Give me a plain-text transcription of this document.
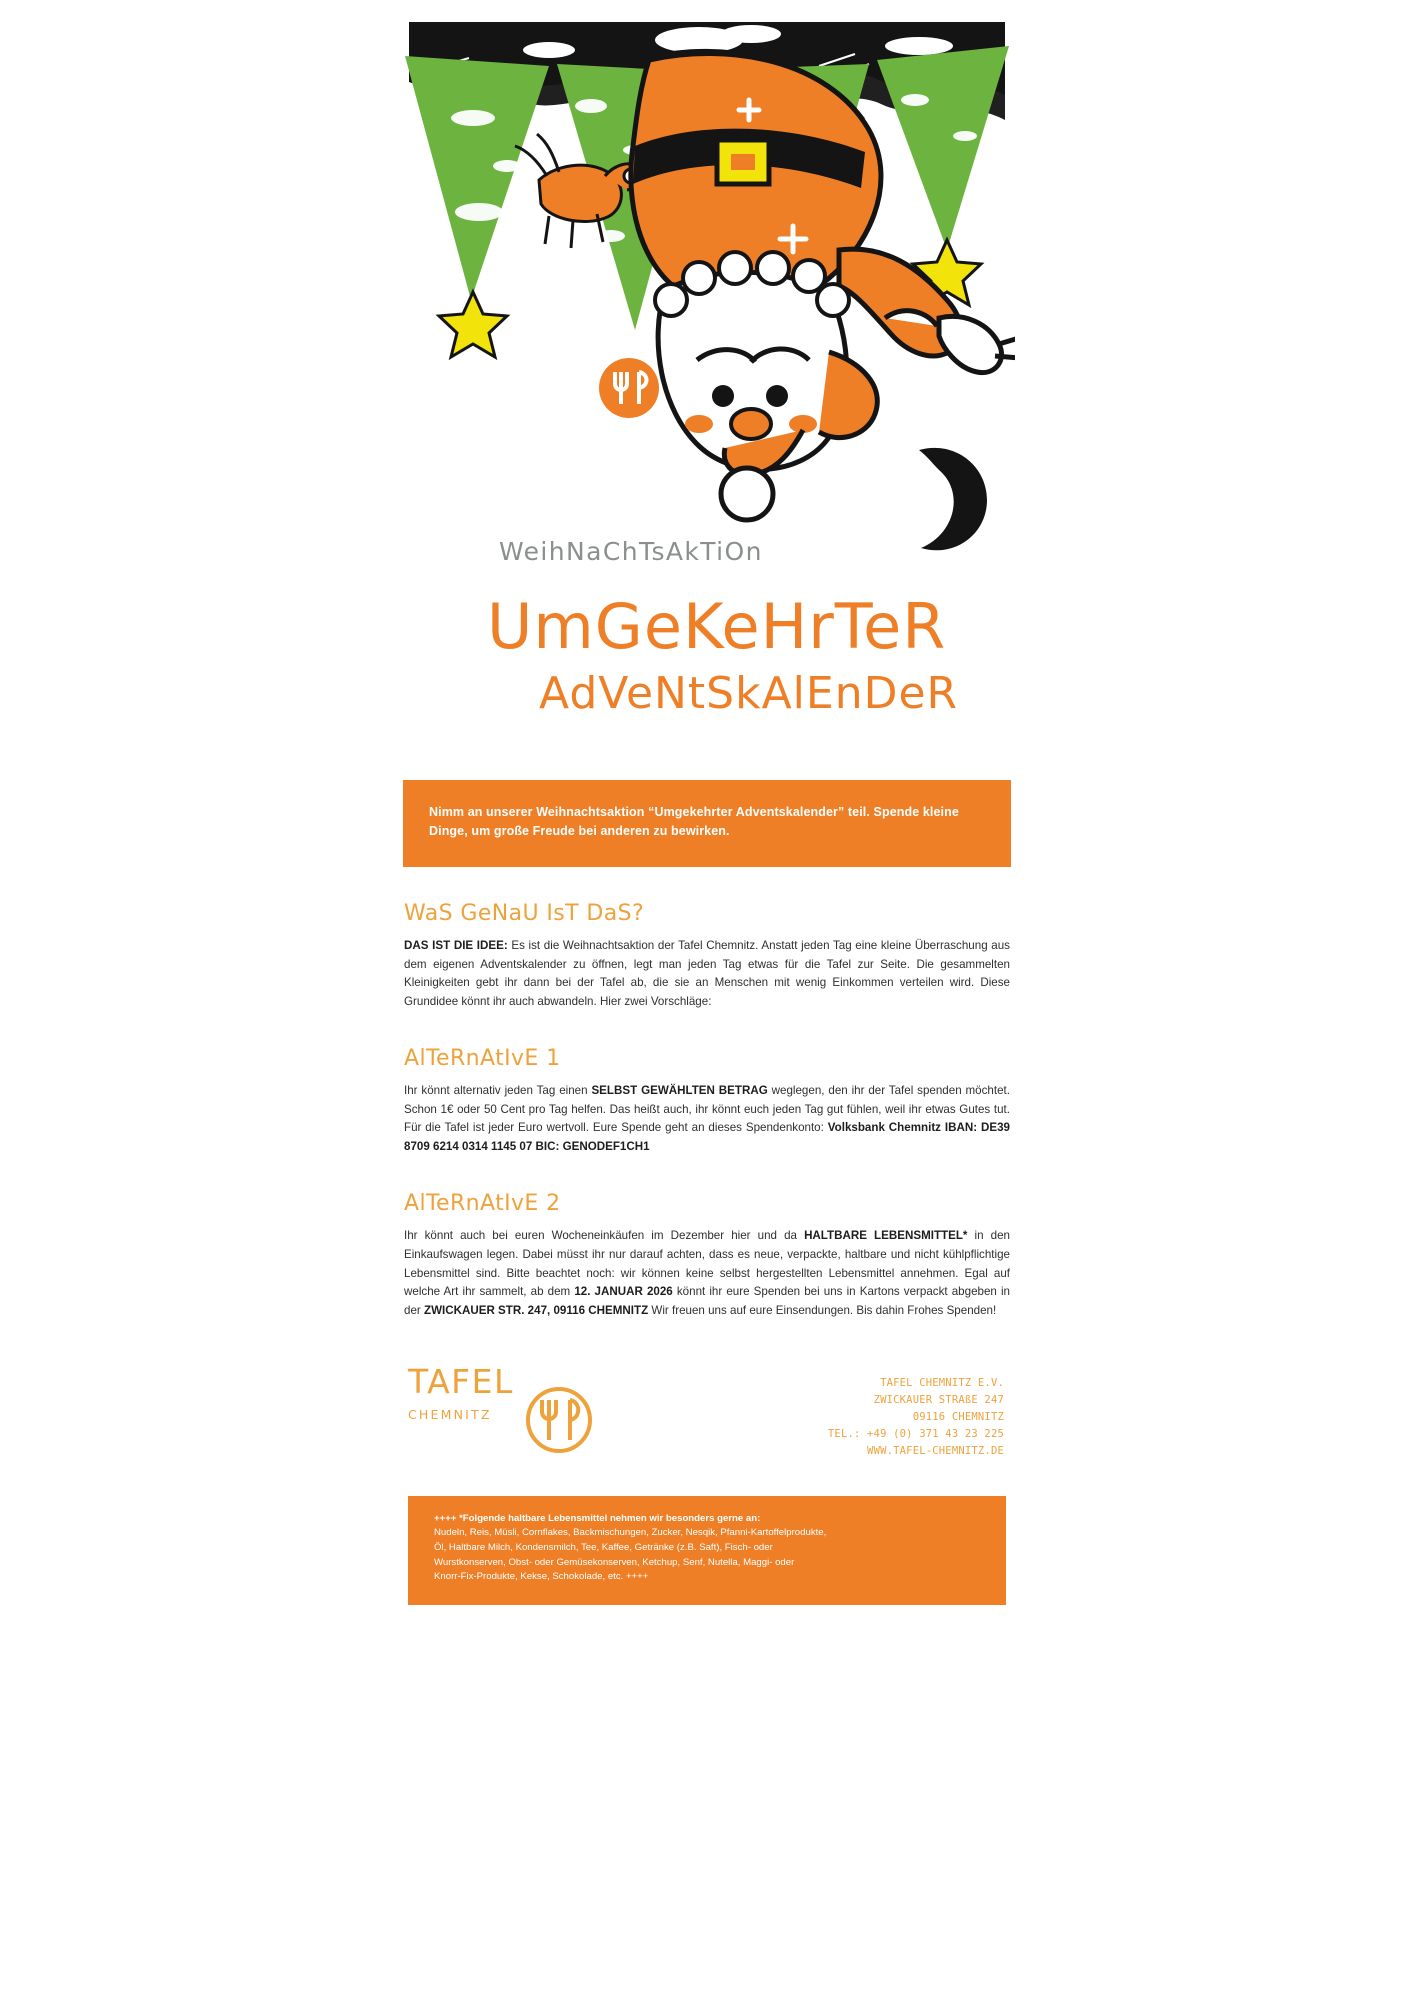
WeihNaChTsAkTiOn
UmGeKeHrTeR
AdVeNtSkAlEnDeR
Nimm an unserer Weihnachtsaktion “Umgekehrter Adventskalender” teil. Spende kleine Dinge, um große Freude bei anderen zu bewirken.
WaS GeNaU IsT DaS?

DAS IST DIE IDEE: Es ist die Weihnachtsaktion der Tafel Chemnitz. Anstatt jeden Tag eine kleine Überraschung aus dem eigenen Adventskalender zu öffnen, legt man jeden Tag etwas für die Tafel zur Seite. Die gesammelten Kleinigkeiten gebt ihr dann bei der Tafel ab, die sie an Menschen mit wenig Einkommen verteilen wird. Diese Grundidee könnt ihr auch abwandeln. Hier zwei Vorschläge:

AlTeRnAtIvE 1

Ihr könnt alternativ jeden Tag einen SELBST GEWÄHLTEN BETRAG weglegen, den ihr der Tafel spenden möchtet. Schon 1€ oder 50 Cent pro Tag helfen. Das heißt auch, ihr könnt euch jeden Tag gut fühlen, weil ihr etwas Gutes tut. Für die Tafel ist jeder Euro wertvoll. Eure Spende geht an dieses Spendenkonto: Volksbank Chemnitz IBAN: DE39 8709 6214 0314 1145 07 BIC: GENODEF1CH1

AlTeRnAtIvE 2

Ihr könnt auch bei euren Wocheneinkäufen im Dezember hier und da HALTBARE LEBENSMITTEL* in den Einkaufswagen legen. Dabei müsst ihr nur darauf achten, dass es neue, verpackte, haltbare und nicht kühlpflichtige Lebensmittel sind. Bitte beachtet noch: wir können keine selbst hergestellten Lebensmittel annehmen. Egal auf welche Art ihr sammelt, ab dem 12. JANUAR 2026 könnt ihr eure Spenden bei uns in Kartons verpackt abgeben in der ZWICKAUER STR. 247, 09116 CHEMNITZ Wir freuen uns auf eure Einsendungen. Bis dahin Frohes Spenden!

TAFEL
CHEMNITZ
TAFEL CHEMNITZ E.V.
ZWICKAUER STRAßE 247
09116 CHEMNITZ
TEL.: +49 (0) 371 43 23 225
WWW.TAFEL-CHEMNITZ.DE

++++ *Folgende haltbare Lebensmittel nehmen wir besonders gerne an:

Nudeln, Reis, Müsli, Cornflakes, Backmischungen, Zucker, Nesqik, Pfanni-Kartoffelprodukte,

Öl, Haltbare Milch, Kondensmilch, Tee, Kaffee, Getränke (z.B. Saft), Fisch- oder

Wurstkonserven, Obst- oder Gemüsekonserven, Ketchup, Senf, Nutella, Maggi- oder

Knorr-Fix-Produkte, Kekse, Schokolade, etc. ++++
